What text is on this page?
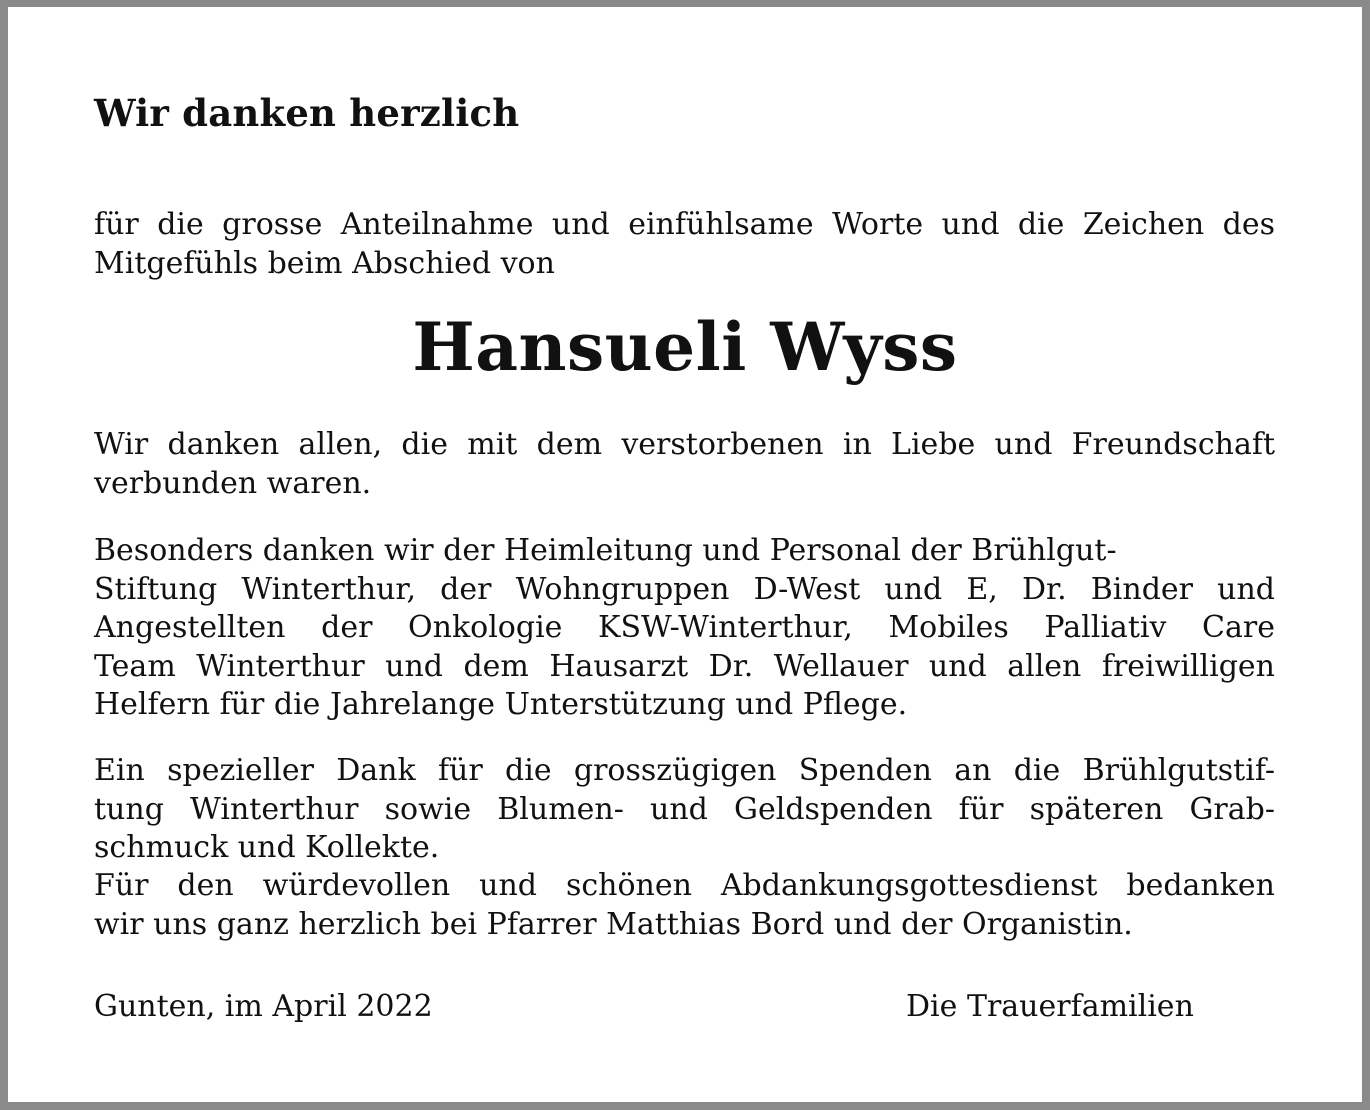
Wir danken herzlich

für die grosse Anteilnahme und einfühlsame Worte und die Zeichen des
Mitgefühls beim Abschied von

Hansueli Wyss

Wir danken allen, die mit dem verstorbenen in Liebe und Freundschaft
verbunden waren.

Besonders danken wir der Heimleitung und Personal der Brühlgut-
Stiftung Winterthur, der Wohngruppen D-West und E, Dr. Binder und
Angestellten der Onkologie KSW-Winterthur, Mobiles Palliativ Care
Team Winterthur und dem Hausarzt Dr. Wellauer und allen freiwilligen
Helfern für die Jahrelange Unterstützung und Pflege.

Ein spezieller Dank für die grosszügigen Spenden an die Brühlgutstif-
tung Winterthur sowie Blumen- und Geldspenden für späteren Grab-
schmuck und Kollekte.

Für den würdevollen und schönen Abdankungsgottesdienst bedanken
wir uns ganz herzlich bei Pfarrer Matthias Bord und der Organistin.

Gunten, im April 2022	Die Trauerfamilien
